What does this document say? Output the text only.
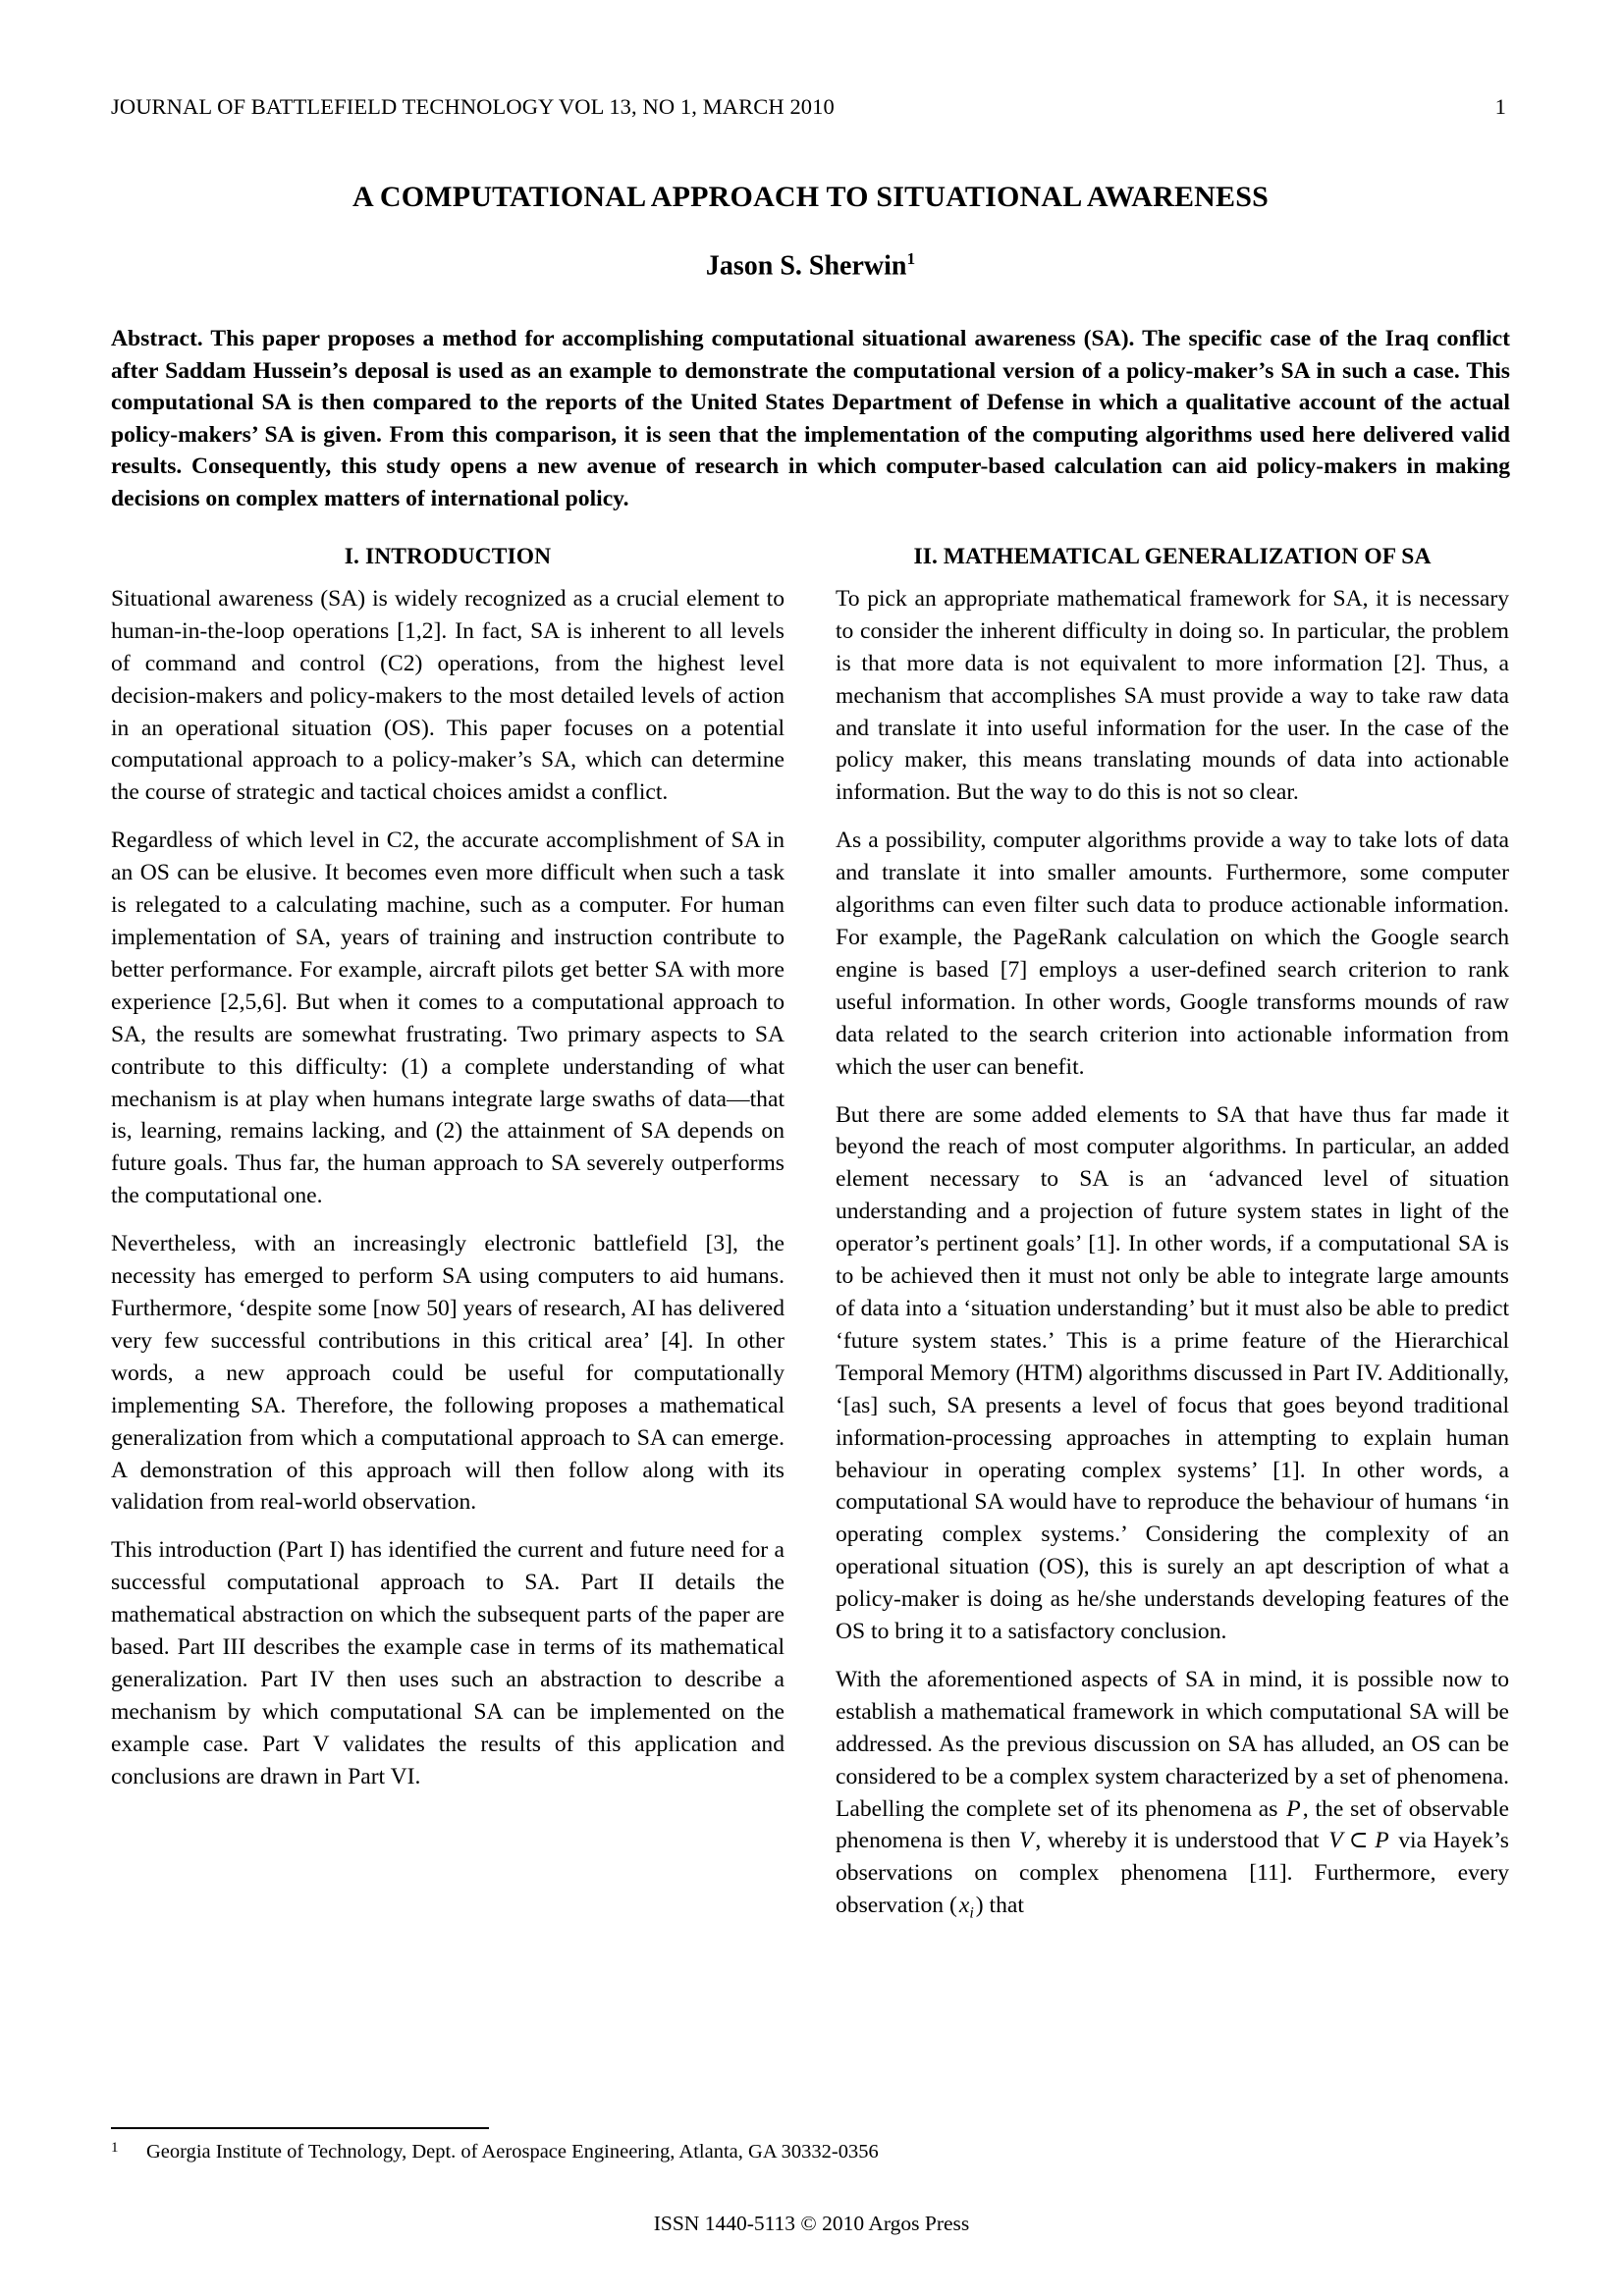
JOURNAL OF BATTLEFIELD TECHNOLOGY VOL 13, NO 1, MARCH 2010	1
A COMPUTATIONAL APPROACH TO SITUATIONAL AWARENESS
Jason S. Sherwin$^1$
Abstract. This paper proposes a method for accomplishing computational situational awareness (SA). The specific case of the Iraq conflict after Saddam Hussein’s deposal is used as an example to demonstrate the computational version of a policy-maker’s SA in such a case. This computational SA is then compared to the reports of the United States Department of Defense in which a qualitative account of the actual policy-makers’ SA is given. From this comparison, it is seen that the implementation of the computing algorithms used here delivered valid results. Consequently, this study opens a new avenue of research in which computer-based calculation can aid policy-makers in making decisions on complex matters of international policy.
I. INTRODUCTION

Situational awareness (SA) is widely recognized as a crucial element to human-in-the-loop operations [1,2]. In fact, SA is inherent to all levels of command and control (C2) operations, from the highest level decision-makers and policy-makers to the most detailed levels of action in an operational situation (OS). This paper focuses on a potential computational approach to a policy-maker’s SA, which can determine the course of strategic and tactical choices amidst a conflict.

Regardless of which level in C2, the accurate accomplishment of SA in an OS can be elusive. It becomes even more difficult when such a task is relegated to a calculating machine, such as a computer. For human implementation of SA, years of training and instruction contribute to better performance. For example, aircraft pilots get better SA with more experience [2,5,6]. But when it comes to a computational approach to SA, the results are somewhat frustrating. Two primary aspects to SA contribute to this difficulty: (1) a complete understanding of what mechanism is at play when humans integrate large swaths of data—that is, learning, remains lacking, and (2) the attainment of SA depends on future goals. Thus far, the human approach to SA severely outperforms the computational one.

Nevertheless, with an increasingly electronic battlefield [3], the necessity has emerged to perform SA using computers to aid humans. Furthermore, ‘despite some [now 50] years of research, AI has delivered very few successful contributions in this critical area’ [4]. In other words, a new approach could be useful for computationally implementing SA. Therefore, the following proposes a mathematical generalization from which a computational approach to SA can emerge. A demonstration of this approach will then follow along with its validation from real-world observation.

This introduction (Part I) has identified the current and future need for a successful computational approach to SA. Part II details the mathematical abstraction on which the subsequent parts of the paper are based. Part III describes the example case in terms of its mathematical generalization. Part IV then uses such an abstraction to describe a mechanism by which computational SA can be implemented on the example case. Part V validates the results of this application and conclusions are drawn in Part VI.

II. MATHEMATICAL GENERALIZATION OF SA

To pick an appropriate mathematical framework for SA, it is necessary to consider the inherent difficulty in doing so. In particular, the problem is that more data is not equivalent to more information [2]. Thus, a mechanism that accomplishes SA must provide a way to take raw data and translate it into useful information for the user. In the case of the policy maker, this means translating mounds of data into actionable information. But the way to do this is not so clear.

As a possibility, computer algorithms provide a way to take lots of data and translate it into smaller amounts. Furthermore, some computer algorithms can even filter such data to produce actionable information. For example, the PageRank calculation on which the Google search engine is based [7] employs a user-defined search criterion to rank useful information. In other words, Google transforms mounds of raw data related to the search criterion into actionable information from which the user can benefit.

But there are some added elements to SA that have thus far made it beyond the reach of most computer algorithms. In particular, an added element necessary to SA is an ‘advanced level of situation understanding and a projection of future system states in light of the operator’s pertinent goals’ [1]. In other words, if a computational SA is to be achieved then it must not only be able to integrate large amounts of data into a ‘situation understanding’ but it must also be able to predict ‘future system states.’ This is a prime feature of the Hierarchical Temporal Memory (HTM) algorithms discussed in Part IV. Additionally, ‘[as] such, SA presents a level of focus that goes beyond traditional information-processing approaches in attempting to explain human behaviour in operating complex systems’ [1]. In other words, a computational SA would have to reproduce the behaviour of humans ‘in operating complex systems.’ Considering the complexity of an operational situation (OS), this is surely an apt description of what a policy-maker is doing as he/she understands developing features of the OS to bring it to a satisfactory conclusion.

With the aforementioned aspects of SA in mind, it is possible now to establish a mathematical framework in which computational SA will be addressed. As the previous discussion on SA has alluded, an OS can be considered to be a complex system characterized by a set of phenomena. Labelling the complete set of its phenomena as P, the set of observable phenomena is then V, whereby it is understood that V ⊂ P via Hayek’s observations on complex phenomena [11]. Furthermore, every observation $(x_i)$ that

1	Georgia Institute of Technology, Dept. of Aerospace Engineering, Atlanta, GA 30332-0356
ISSN 1440-5113 © 2010 Argos Press
